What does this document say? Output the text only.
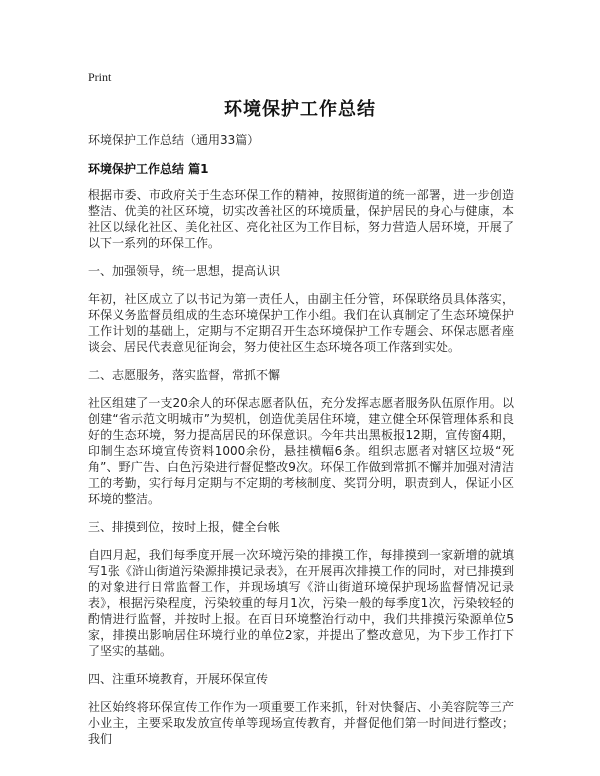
Print
环境保护工作总结
环境保护工作总结（通用33篇）
环境保护工作总结 篇1
根据市委、市政府关于生态环保工作的精神，按照街道的统一部署，进一步创造整洁、优美的社区环境，切实改善社区的环境质量，保护居民的身心与健康，本社区以绿化社区、美化社区、亮化社区为工作目标，努力营造人居环境，开展了以下一系列的环保工作。
一、加强领导，统一思想，提高认识
年初，社区成立了以书记为第一责任人，由副主任分管，环保联络员具体落实，环保义务监督员组成的生态环境保护工作小组。我们在认真制定了生态环境保护工作计划的基础上，定期与不定期召开生态环境保护工作专题会、环保志愿者座谈会、居民代表意见征询会，努力使社区生态环境各项工作落到实处。
二、志愿服务，落实监督，常抓不懈
社区组建了一支20余人的环保志愿者队伍，充分发挥志愿者服务队伍原作用。以创建“省示范文明城市”为契机，创造优美居住环境，建立健全环保管理体系和良好的生态环境，努力提高居民的环保意识。今年共出黑板报12期，宣传窗4期，印制生态环境宣传资料1000余份，悬挂横幅6条。组织志愿者对辖区垃圾“死角”、野广告、白色污染进行督促整改9次。环保工作做到常抓不懈并加强对清洁工的考勤，实行每月定期与不定期的考核制度、奖罚分明，职责到人，保证小区环境的整洁。
三、排摸到位，按时上报，健全台帐
自四月起，我们每季度开展一次环境污染的排摸工作，每排摸到一家新增的就填写1张《浒山街道污染源排摸记录表》，在开展再次排摸工作的同时，对已排摸到的对象进行日常监督工作，并现场填写《浒山街道环境保护现场监督情况记录表》，根据污染程度，污染较重的每月1次，污染一般的每季度1次，污染较轻的酌情进行监督，并按时上报。在百日环境整治行动中，我们共排摸污染源单位5家，排摸出影响居住环境行业的单位2家，并提出了整改意见，为下步工作打下了坚实的基础。
四、注重环境教育，开展环保宣传
社区始终将环保宣传工作作为一项重要工作来抓，针对快餐店、小美容院等三产小业主，主要采取发放宣传单等现场宣传教育，并督促他们第一时间进行整改；我们
